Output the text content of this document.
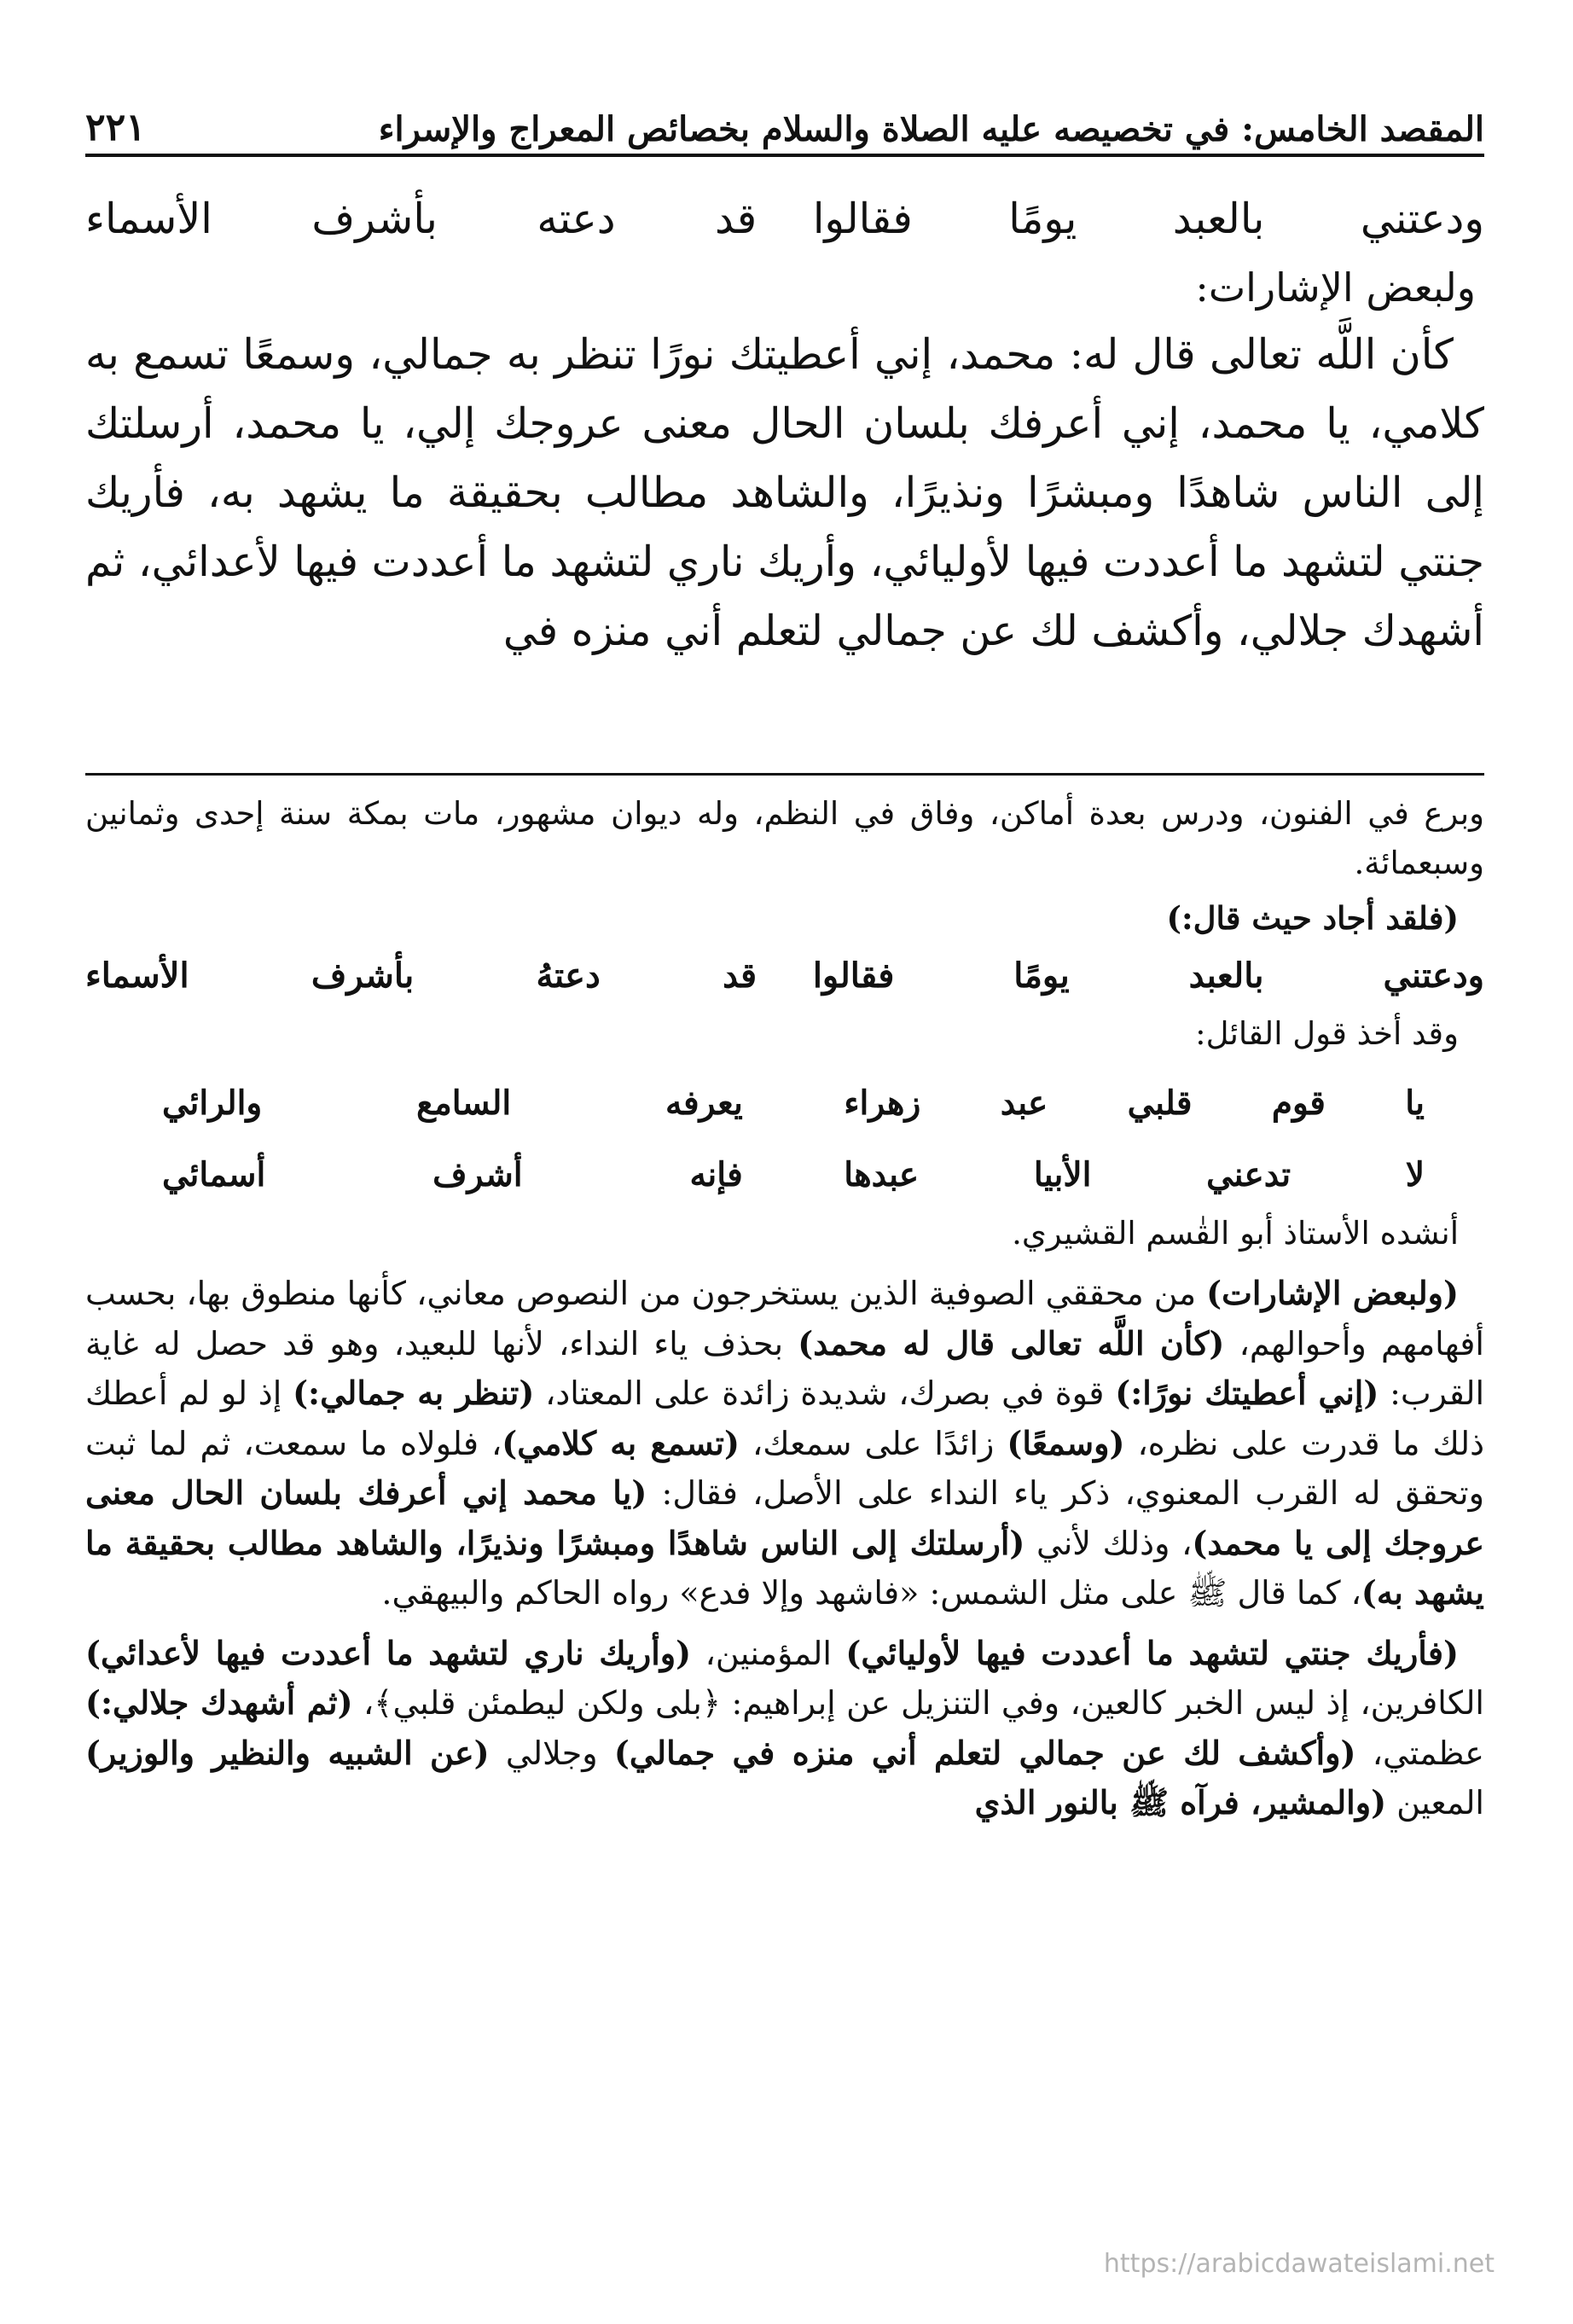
المقصد الخامس: في تخصيصه عليه الصلاة والسلام بخصائص المعراج والإسراء
٢٢١
ودعتني بالعبد يومًا فقالوا
قد دعته بأشرف الأسماء

ولبعض الإشارات:

كأن اللَّه تعالى قال له: محمد، إني أعطيتك نورًا تنظر به جمالي، وسمعًا تسمع به كلامي، يا محمد، إني أعرفك بلسان الحال معنى عروجك إلي، يا محمد، أرسلتك إلى الناس شاهدًا ومبشرًا ونذيرًا، والشاهد مطالب بحقيقة ما يشهد به، فأريك جنتي لتشهد ما أعددت فيها لأوليائي، وأريك ناري لتشهد ما أعددت فيها لأعدائي، ثم أشهدك جلالي، وأكشف لك عن جمالي لتعلم أني منزه في

وبرع في الفنون، ودرس بعدة أماكن، وفاق في النظم، وله ديوان مشهور، مات بمكة سنة إحدى وثمانين وسبعمائة.

(فلقد أجاد حيث قال:)

ودعتني بالعبد يومًا فقالوا
قد دعتهُ بأشرف الأسماء

وقد أخذ قول القائل:

يا قوم قلبي عبد زهراء
يعرفه السامع والرائي
لا تدعني الأبيا عبدها
فإنه أشرف أسمائي

أنشده الأستاذ أبو القٰسم القشيري.

(ولبعض الإشارات) من محققي الصوفية الذين يستخرجون من النصوص معاني، كأنها منطوق بها، بحسب أفهامهم وأحوالهم، (كأن اللَّه تعالى قال له محمد) بحذف ياء النداء، لأنها للبعيد، وهو قد حصل له غاية القرب: (إني أعطيتك نورًا:) قوة في بصرك، شديدة زائدة على المعتاد، (تنظر به جمالي:) إذ لو لم أعطك ذلك ما قدرت على نظره، (وسمعًا) زائدًا على سمعك، (تسمع به كلامي)، فلولاه ما سمعت، ثم لما ثبت وتحقق له القرب المعنوي، ذكر ياء النداء على الأصل، فقال: (يا محمد إني أعرفك بلسان الحال معنى عروجك إلى يا محمد)، وذلك لأني (أرسلتك إلى الناس شاهدًا ومبشرًا ونذيرًا، والشاهد مطالب بحقيقة ما يشهد به)، كما قال ﷺ على مثل الشمس: «فاشهد وإلا فدع» رواه الحاكم والبيهقي.

(فأريك جنتي لتشهد ما أعددت فيها لأوليائي) المؤمنين، (وأريك ناري لتشهد ما أعددت فيها لأعدائي) الكافرين، إذ ليس الخبر كالعين، وفي التنزيل عن إبراهيم: ﴿بلى ولكن ليطمئن قلبي﴾، (ثم أشهدك جلالي:) عظمتي، (وأكشف لك عن جمالي لتعلم أني منزه في جمالي) وجلالي (عن الشبيه والنظير والوزير) المعين (والمشير، فرآه ﷺ بالنور الذي

https://arabicdawateislami.net
